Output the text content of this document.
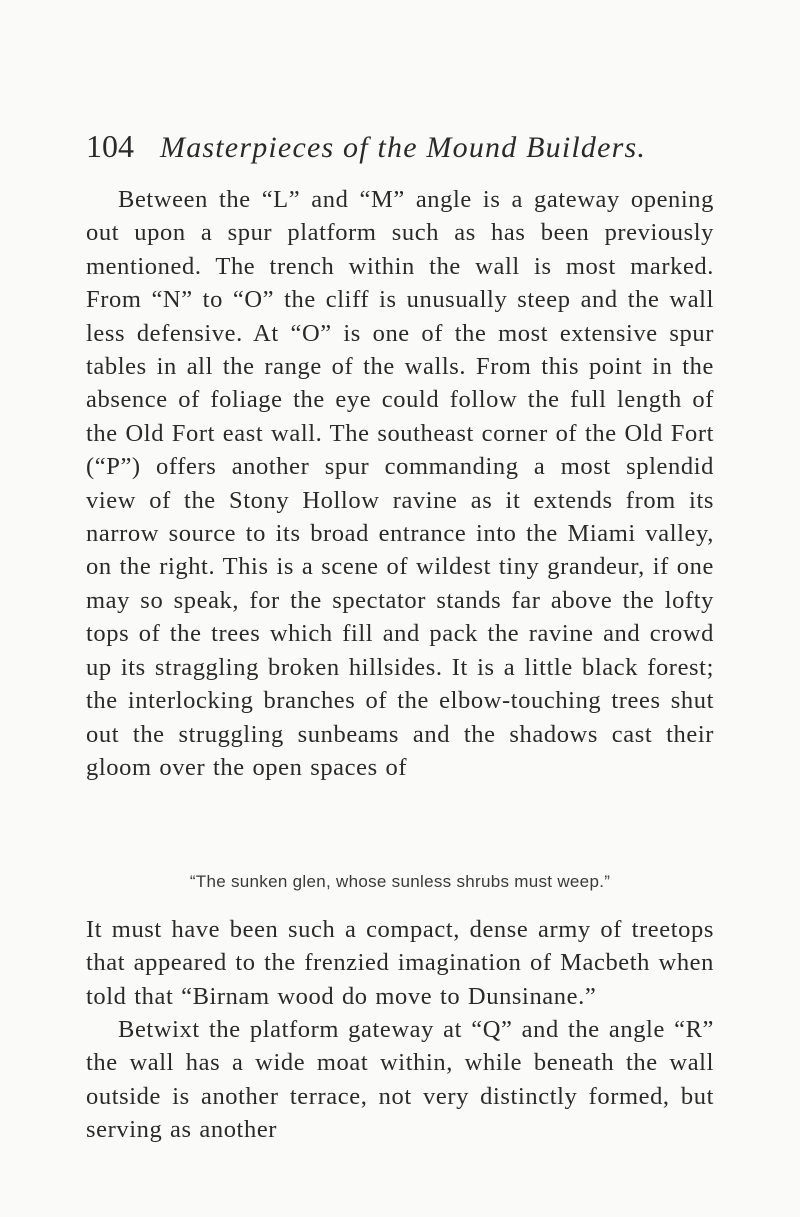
104 Masterpieces of the Mound Builders.

Between the “L” and “M” angle is a gateway opening out upon a spur platform such as has been previously mentioned. The trench within the wall is most marked. From “N” to “O” the cliff is unusually steep and the wall less defensive. At “O” is one of the most extensive spur tables in all the range of the walls. From this point in the absence of foliage the eye could follow the full length of the Old Fort east wall. The southeast corner of the Old Fort (“P”) offers another spur commanding a most splendid view of the Stony Hollow ravine as it extends from its narrow source to its broad entrance into the Miami valley, on the right. This is a scene of wildest tiny grandeur, if one may so speak, for the spectator stands far above the lofty tops of the trees which fill and pack the ravine and crowd up its straggling broken hillsides. It is a little black forest; the interlocking branches of the elbow-touching trees shut out the struggling sunbeams and the shadows cast their gloom over the open spaces of

“The sunken glen, whose sunless shrubs must weep.”

It must have been such a compact, dense army of treetops that appeared to the frenzied imagination of Macbeth when told that “Birnam wood do move to Dunsinane.”

Betwixt the platform gateway at “Q” and the angle “R” the wall has a wide moat within, while beneath the wall outside is another terrace, not very distinctly formed, but serving as another
